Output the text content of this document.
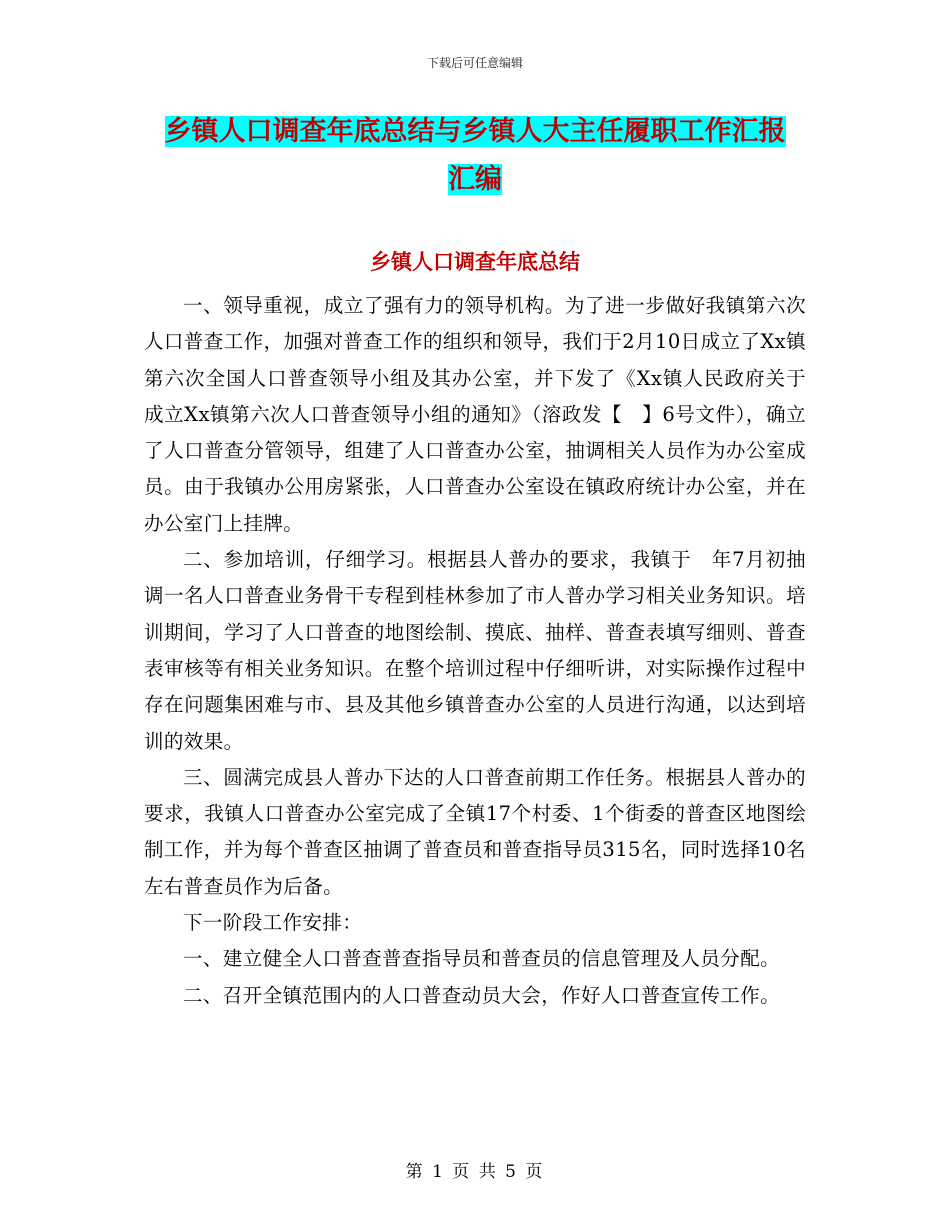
下载后可任意编辑
乡镇人口调查年底总结与乡镇人大主任履职工作汇报
汇编
乡镇人口调查年底总结

一、领导重视，成立了强有力的领导机构。为了进一步做好我镇第六次人口普查工作，加强对普查工作的组织和领导，我们于2月10日成立了Xx镇第六次全国人口普查领导小组及其办公室，并下发了《Xx镇人民政府关于成立Xx镇第六次人口普查领导小组的通知》（溶政发【　】6号文件），确立了人口普查分管领导，组建了人口普查办公室，抽调相关人员作为办公室成员。由于我镇办公用房紧张，人口普查办公室设在镇政府统计办公室，并在办公室门上挂牌。

二、参加培训，仔细学习。根据县人普办的要求，我镇于　年7月初抽调一名人口普查业务骨干专程到桂林参加了市人普办学习相关业务知识。培训期间，学习了人口普查的地图绘制、摸底、抽样、普查表填写细则、普查表审核等有相关业务知识。在整个培训过程中仔细听讲，对实际操作过程中存在问题集困难与市、县及其他乡镇普查办公室的人员进行沟通，以达到培训的效果。

三、圆满完成县人普办下达的人口普查前期工作任务。根据县人普办的要求，我镇人口普查办公室完成了全镇17个村委、1个街委的普查区地图绘制工作，并为每个普查区抽调了普查员和普查指导员315名，同时选择10名左右普查员作为后备。

下一阶段工作安排：

一、建立健全人口普查普查指导员和普查员的信息管理及人员分配。

二、召开全镇范围内的人口普查动员大会，作好人口普查宣传工作。

第 1 页 共 5 页
